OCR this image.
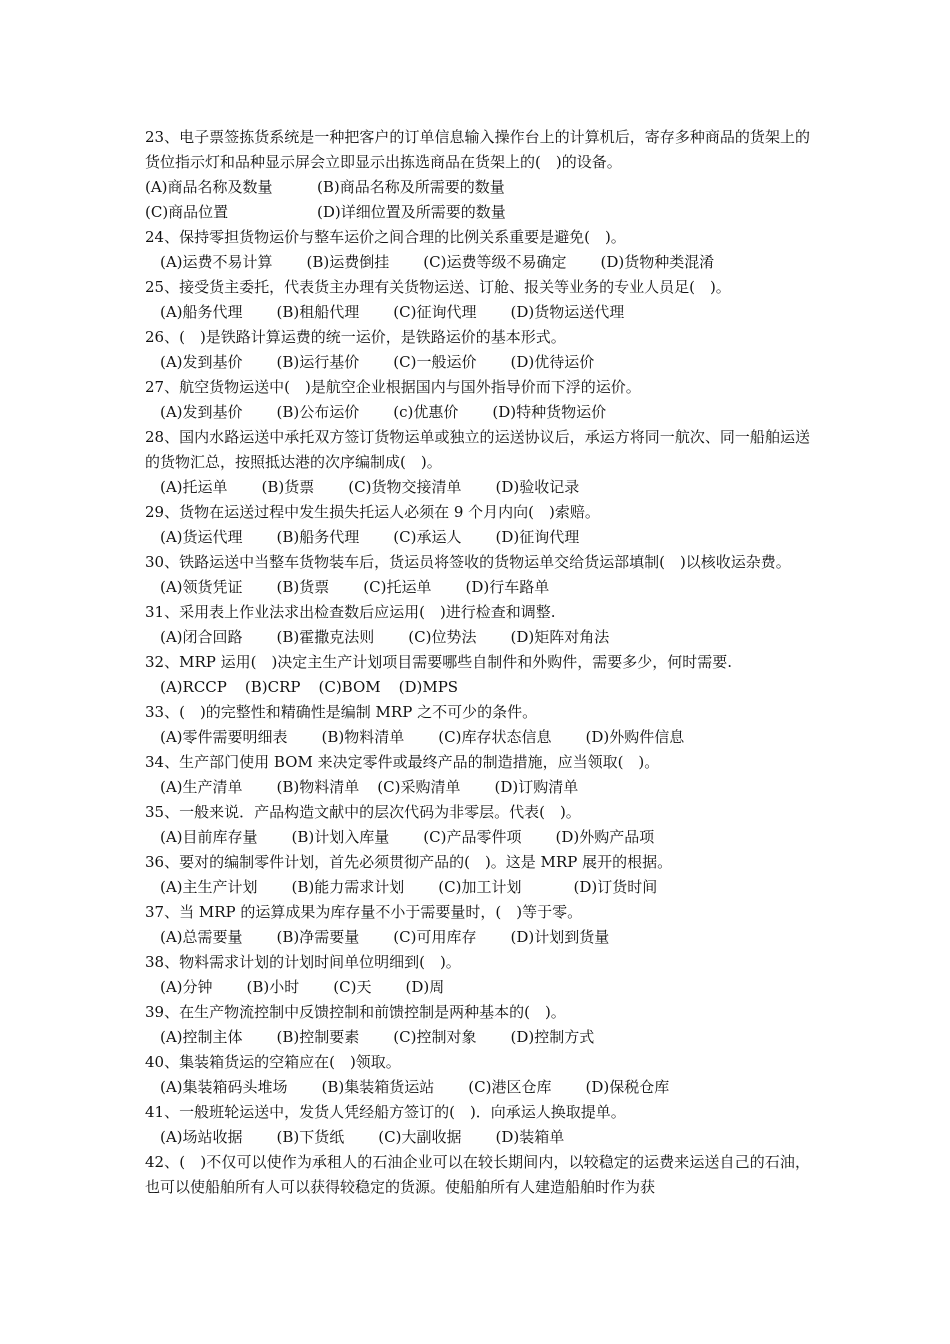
23、电子票签拣货系统是一种把客户的订单信息输入操作台上的计算机后，寄存多种商品的货架上的货位指示灯和品种显示屏会立即显示出拣选商品在货架上的(　)的设备。

(A)商品名称及数量	(B)商品名称及所需要的数量
(C)商品位置	(D)详细位置及所需要的数量

24、保持零担货物运价与整车运价之间合理的比例关系重要是避免(　)。

(A)运费不易计算 (B)运费倒挂 (C)运费等级不易确定 (D)货物种类混淆

25、接受货主委托，代表货主办理有关货物运送、订舱、报关等业务的专业人员足(　)。

(A)船务代理 (B)租船代理 (C)征询代理 (D)货物运送代理

26、(　)是铁路计算运费的统一运价，是铁路运价的基本形式。

(A)发到基价 (B)运行基价 (C)一般运价 (D)优待运价

27、航空货物运送中(　)是航空企业根据国内与国外指导价而下浮的运价。

(A)发到基价 (B)公布运价 (c)优惠价 (D)特种货物运价

28、国内水路运送中承托双方签订货物运单或独立的运送协议后，承运方将同一航次、同一船舶运送的货物汇总，按照抵达港的次序编制成(　)。

(A)托运单 (B)货票 (C)货物交接清单 (D)验收记录

29、货物在运送过程中发生损失托运人必须在 9 个月内向(　)索赔。

(A)货运代理 (B)船务代理 (C)承运人 (D)征询代理

30、铁路运送中当整车货物装车后，货运员将签收的货物运单交给货运部填制(　)以核收运杂费。

(A)领货凭证 (B)货票 (C)托运单 (D)行车路单

31、采用表上作业法求出检查数后应运用(　)进行检查和调整.

(A)闭合回路 (B)霍撒克法则 (C)位势法 (D)矩阵对角法

32、MRP 运用(　)决定主生产计划项目需要哪些自制件和外购件，需要多少，何时需要.

(A)RCCP (B)CRP (C)BOM (D)MPS

33、(　)的完整性和精确性是编制 MRP 之不可少的条件。

(A)零件需要明细表 (B)物料清单 (C)库存状态信息 (D)外购件信息

34、生产部门使用 BOM 来决定零件或最终产品的制造措施，应当领取(　)。

(A)生产清单 (B)物料清单 (C)采购清单 (D)订购清单

35、一般来说．产品构造文献中的层次代码为非零层。代表(　)。

(A)目前库存量 (B)计划入库量 (C)产品零件项 (D)外购产品项

36、要对的编制零件计划，首先必须贯彻产品的(　)。这是 MRP 展开的根据。

(A)主生产计划 (B)能力需求计划 (C)加工计划	(D)订货时间

37、当 MRP 的运算成果为库存量不小于需要量时，(　)等于零。

(A)总需要量 (B)净需要量 (C)可用库存 (D)计划到货量

38、物料需求计划的计划时间单位明细到(　)。

(A)分钟 (B)小时 (C)天 (D)周

39、在生产物流控制中反馈控制和前馈控制是两种基本的(　)。

(A)控制主体 (B)控制要素 (C)控制对象 (D)控制方式

40、集装箱货运的空箱应在(　)领取。

(A)集装箱码头堆场 (B)集装箱货运站 (C)港区仓库 (D)保税仓库

41、一般班轮运送中，发货人凭经船方签订的(　)．向承运人换取提单。

(A)场站收据 (B)下货纸 (C)大副收据 (D)装箱单

42、(　)不仅可以使作为承租人的石油企业可以在较长期间内，以较稳定的运费来运送自己的石油，也可以使船舶所有人可以获得较稳定的货源。使船舶所有人建造船舶时作为获
